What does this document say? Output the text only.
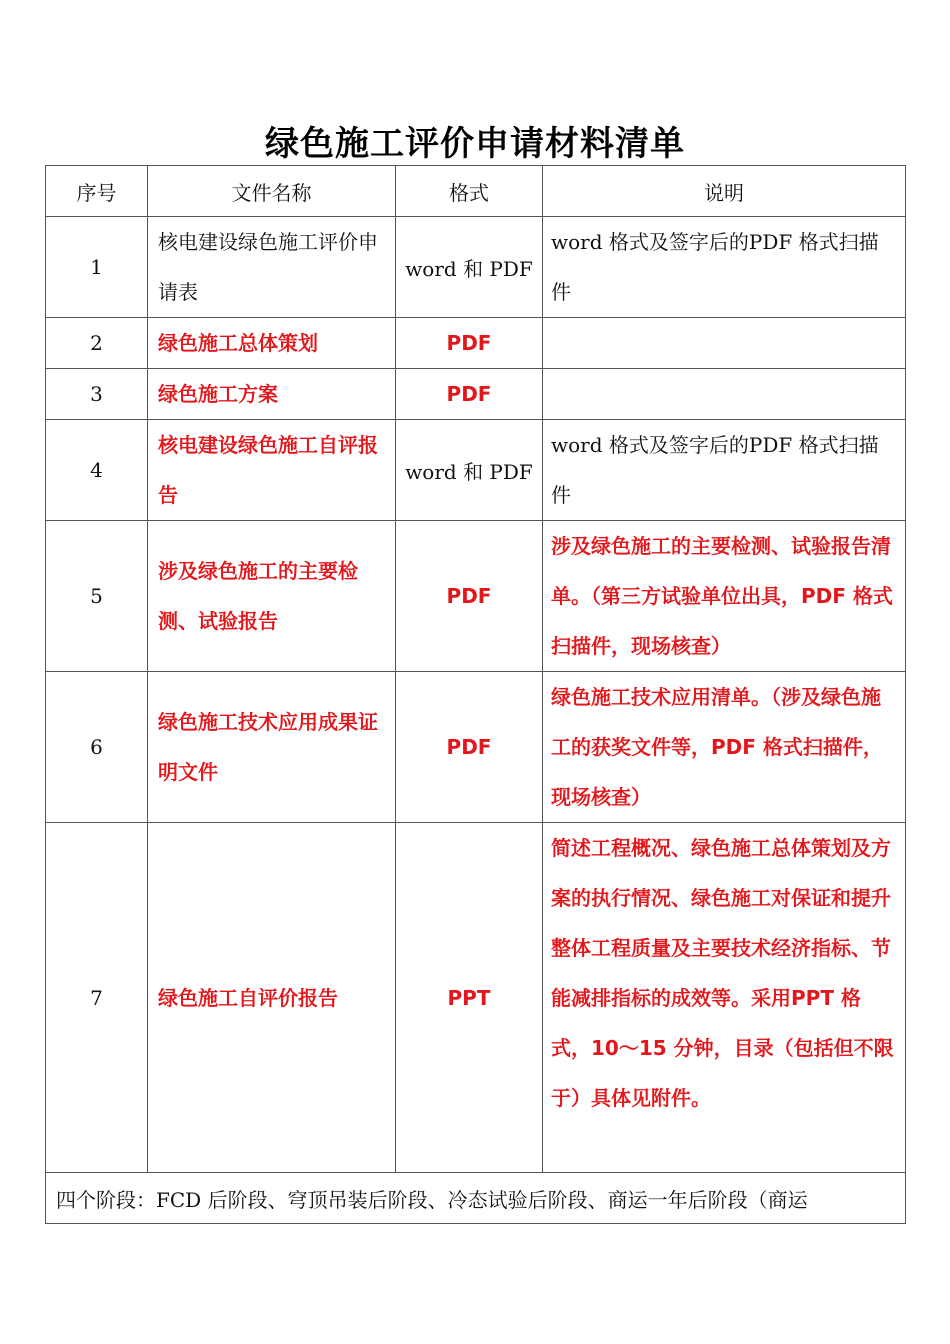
绿色施工评价申请材料清单
序号	文件名称	格式	说明
1	核电建设绿色施工评价申请表	word 和 PDF	word 格式及签字后的PDF 格式扫描件
2	绿色施工总体策划	PDF	
3	绿色施工方案	PDF	
4	核电建设绿色施工自评报告	word 和 PDF	word 格式及签字后的PDF 格式扫描件
5	涉及绿色施工的主要检测、试验报告	PDF	涉及绿色施工的主要检测、试验报告清单。（第三方试验单位出具，PDF 格式扫描件，现场核查）
6	绿色施工技术应用成果证明文件	PDF	绿色施工技术应用清单。（涉及绿色施工的获奖文件等，PDF 格式扫描件，现场核查）
7	绿色施工自评价报告	PPT	简述工程概况、绿色施工总体策划及方案的执行情况、绿色施工对保证和提升整体工程质量及主要技术经济指标、节能减排指标的成效等。采用PPT 格式，10～15 分钟，目录（包括但不限于）具体见附件。
四个阶段：FCD 后阶段、穹顶吊装后阶段、冷态试验后阶段、商运一年后阶段（商运			
